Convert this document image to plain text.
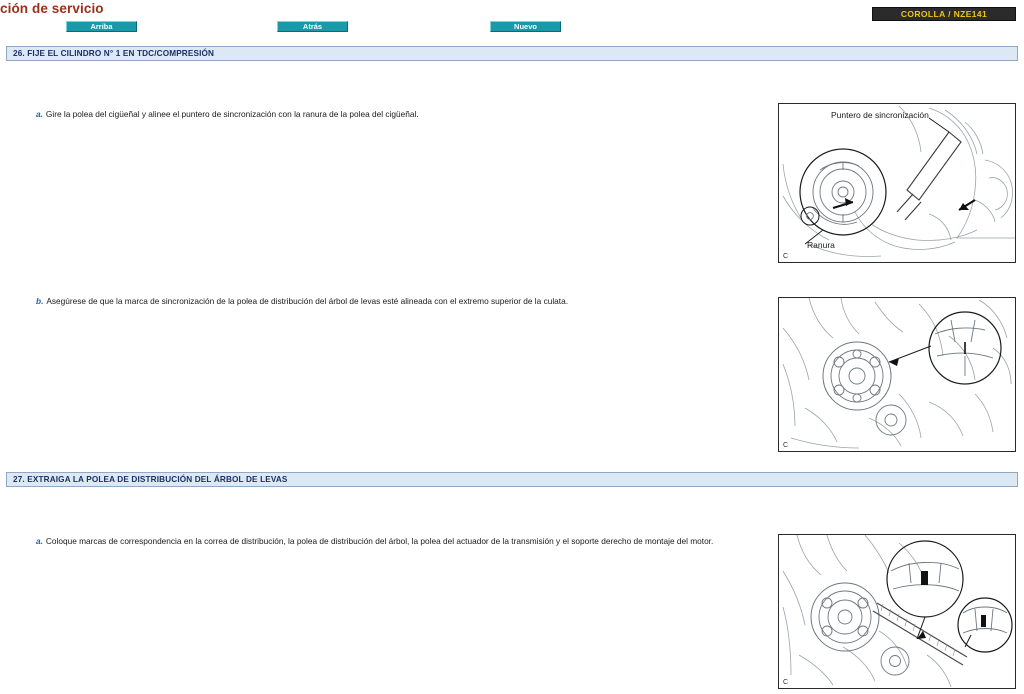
ción de servicio
Arriba	Atrás	Nuevo
COROLLA / NZE141
26. FIJE EL CILINDRO N° 1 EN TDC/COMPRESIÓN
a. Gire la polea del cigüeñal y alinee el puntero de sincronización con la ranura de la polea del cigüeñal.
b. Asegúrese de que la marca de sincronización de la polea de distribución del árbol de levas esté alineada con el extremo superior de la culata.
Puntero de sincronización
Ranura
C
C
27. EXTRAIGA LA POLEA DE DISTRIBUCIÓN DEL ÁRBOL DE LEVAS
a. Coloque marcas de correspondencia en la correa de distribución, la polea de distribución del árbol, la polea del actuador de la transmisión y el soporte derecho de montaje del motor.
C
